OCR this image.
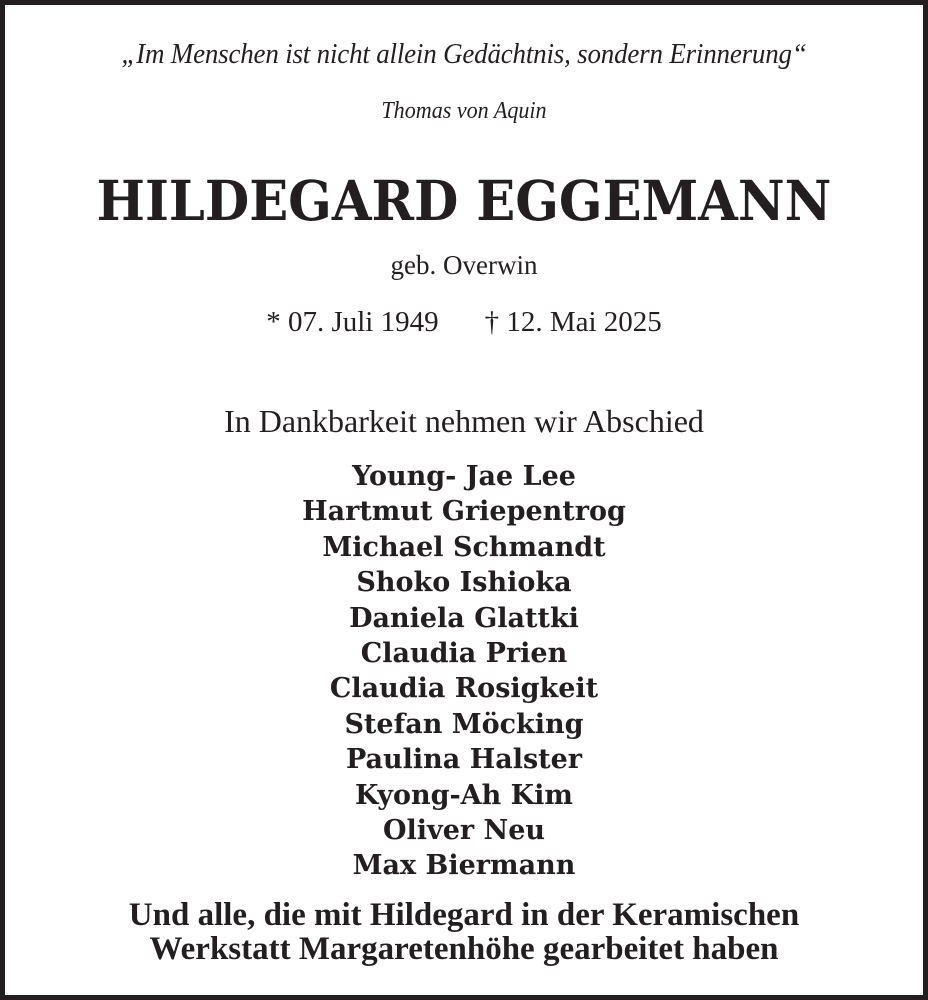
„Im Menschen ist nicht allein Gedächtnis, sondern Erinnerung“
Thomas von Aquin
HILDEGARD EGGEMANN
geb. Overwin
* 07. Juli 1949 † 12. Mai 2025
In Dankbarkeit nehmen wir Abschied
Young- Jae Lee
Hartmut Griepentrog
Michael Schmandt
Shoko Ishioka
Daniela Glattki
Claudia Prien
Claudia Rosigkeit
Stefan Möcking
Paulina Halster
Kyong-Ah Kim
Oliver Neu
Max Biermann
Und alle, die mit Hildegard in der Keramischen
Werkstatt Margaretenhöhe gearbeitet haben
